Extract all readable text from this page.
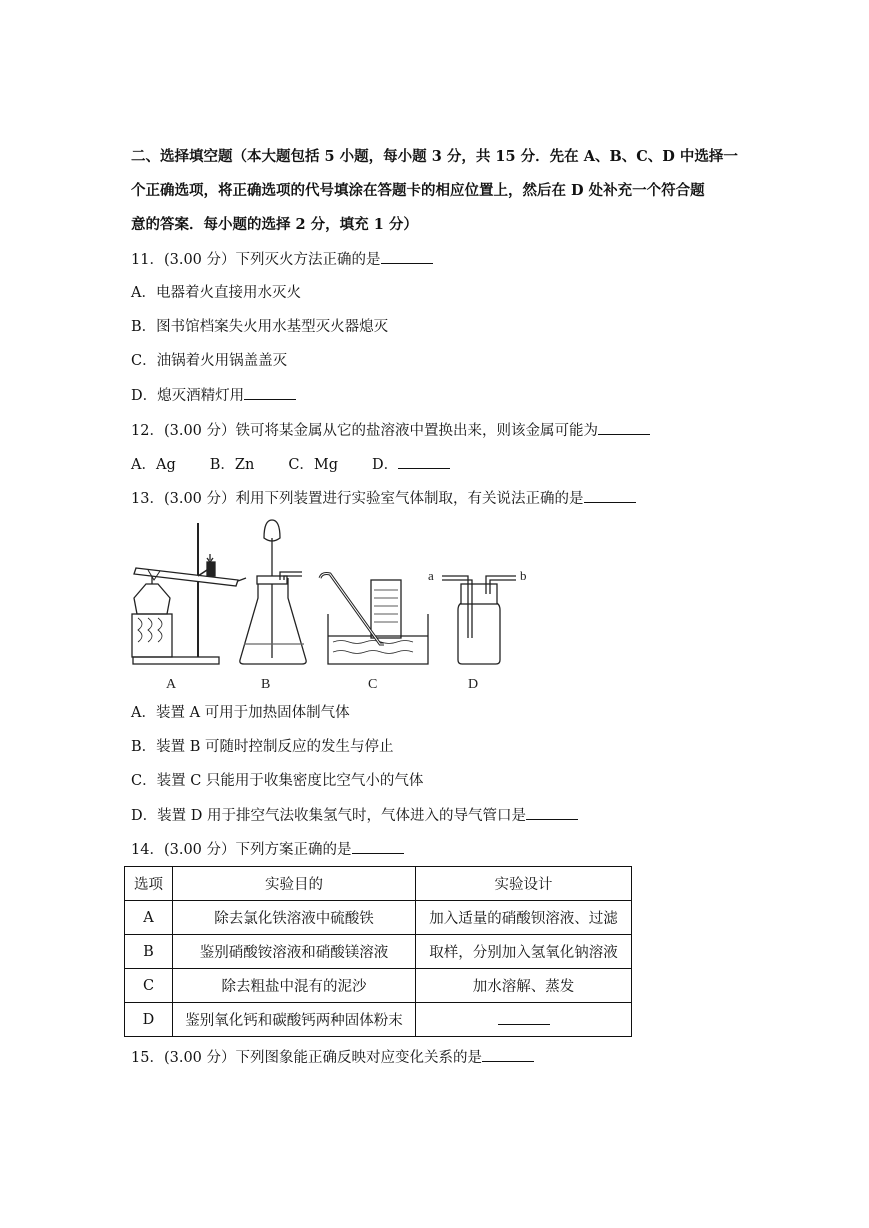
二、选择填空题（本大题包括 5 小题，每小题 3 分，共 15 分．先在 A、B、C、D 中选择一
个正确选项，将正确选项的代号填涂在答题卡的相应位置上，然后在 D 处补充一个符合题
意的答案．每小题的选择 2 分，填充 1 分）
11．(3.00 分）下列灭火方法正确的是
A．电器着火直接用水灭火
B．图书馆档案失火用水基型灭火器熄灭
C．油锅着火用锅盖盖灭
D．熄灭酒精灯用
12．(3.00 分）铁可将某金属从它的盐溶液中置换出来，则该金属可能为
A．Ag B．Zn C．Mg D．
13．(3.00 分）利用下列装置进行实验室气体制取，有关说法正确的是
A	B	C
a	b
D
A．装置 A 可用于加热固体制气体
B．装置 B 可随时控制反应的发生与停止
C．装置 C 只能用于收集密度比空气小的气体
D．装置 D 用于排空气法收集氢气时，气体进入的导气管口是
14．(3.00 分）下列方案正确的是
选项	实验目的	实验设计
A	除去氯化铁溶液中硫酸铁	加入适量的硝酸钡溶液、过滤
B	鉴别硝酸铵溶液和硝酸镁溶液	取样，分别加入氢氧化钠溶液
C	除去粗盐中混有的泥沙	加水溶解、蒸发
D	鉴别氧化钙和碳酸钙两种固体粉末	
15．(3.00 分）下列图象能正确反映对应变化关系的是
